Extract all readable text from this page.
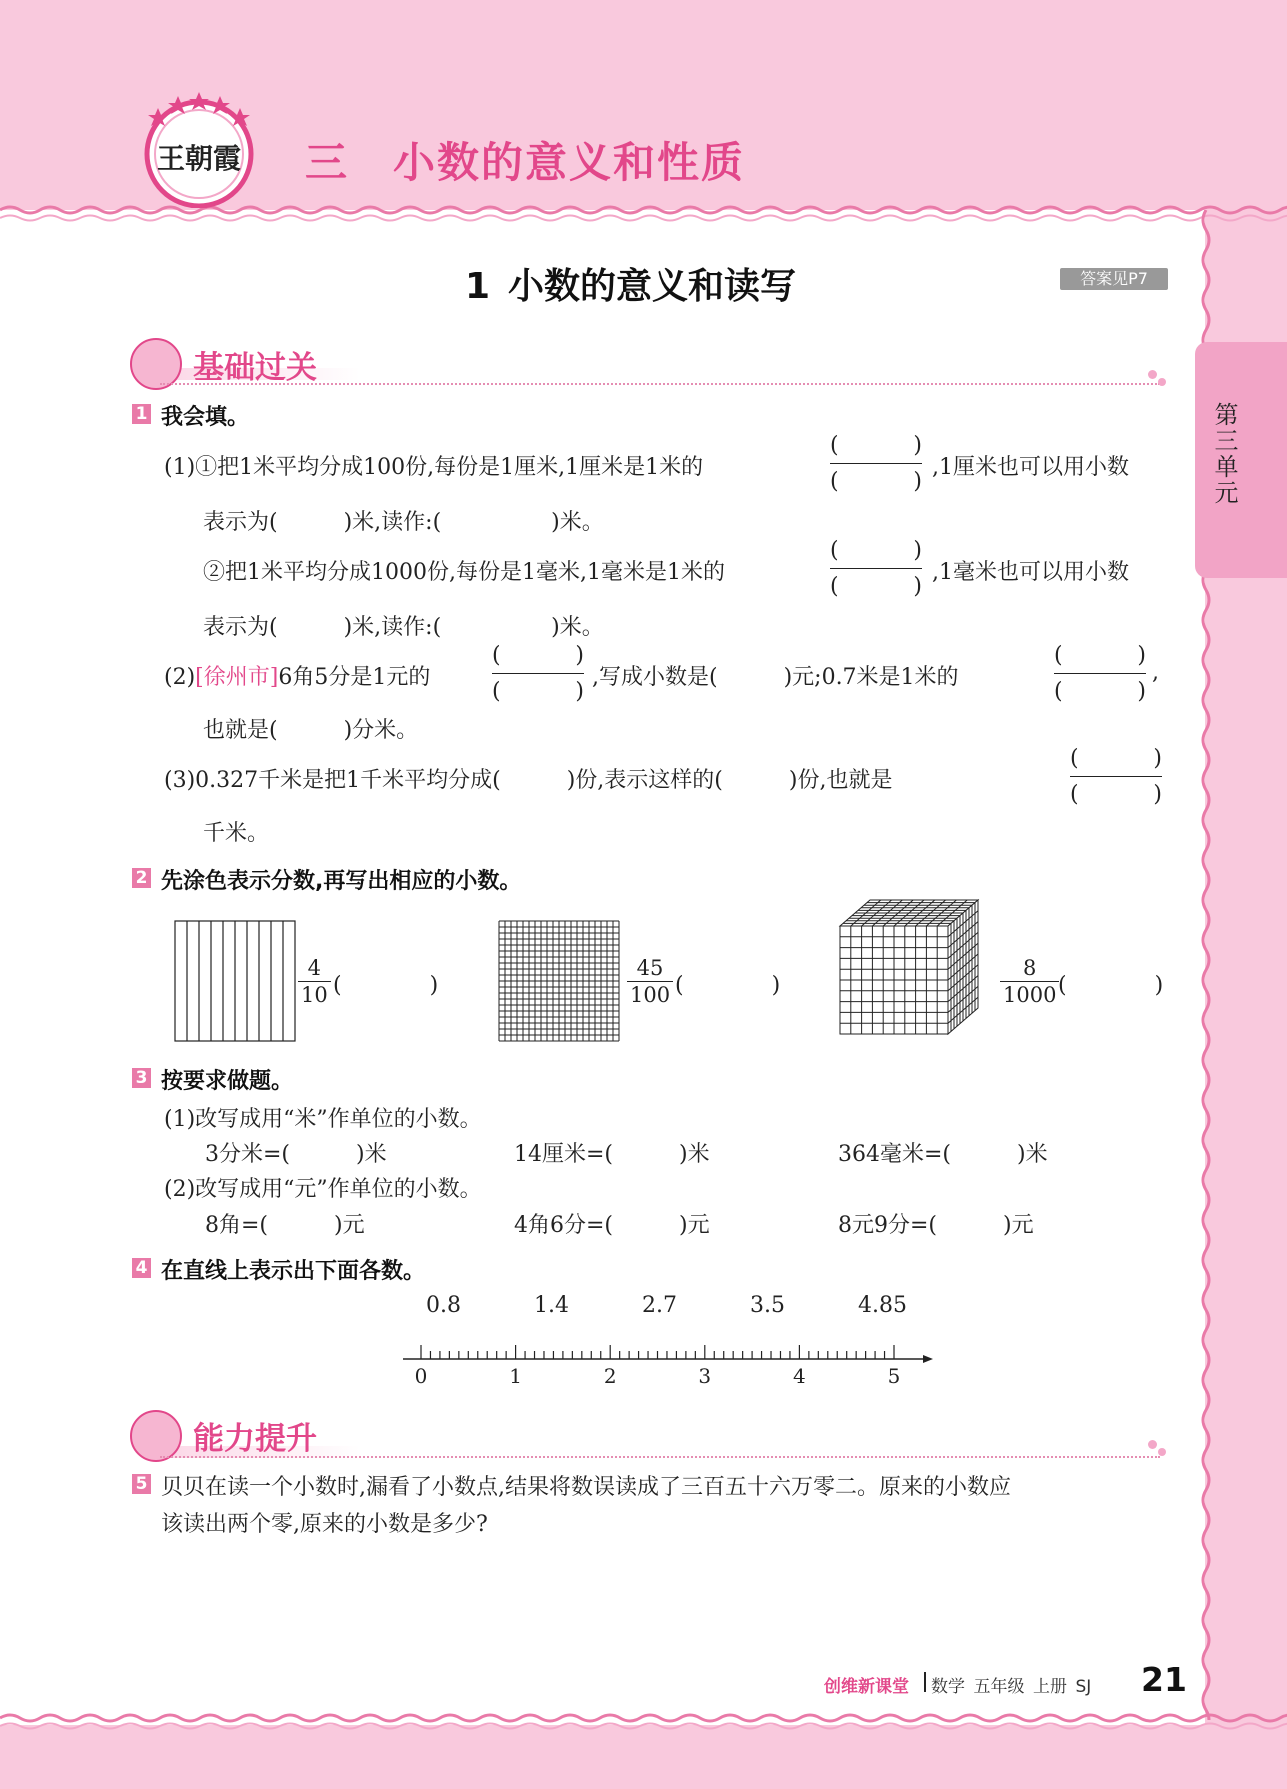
王朝霞 三　小数的意义和性质
1 小数的意义和读写	答案见P7
第三单元
基础过关
1 我会填。
(1)①把1米平均分成100份,每份是1厘米,1厘米是1米的
(	)
(	)
,1厘米也可以用小数
表示为(　　　)米,读作:(　　　　　)米。
②把1米平均分成1000份,每份是1毫米,1毫米是1米的
(	)
(	)
,1毫米也可以用小数
表示为(　　　)米,读作:(　　　　　)米。
(2)[徐州市]6角5分是1元的
(	)
(	)
,写成小数是(　　　)元;0.7米是1米的
(	)
(	)
,
也就是(　　　)分米。
(3)0.327千米是把1千米平均分成(　　　)份,表示这样的(　　　)份,也就是
(	)
(	)
千米。
2 先涂色表示分数,再写出相应的小数。
$\frac{4}{10}$ (　　　　)	$\frac{45}{100}$ (　　　　)	$\frac{8}{1000}$
(　　　　)
3 按要求做题。
(1)改写成用“米”作单位的小数。
3分米=(　　　)米	14厘米=(　　　)米	364毫米=(　　　)米
(2)改写成用“元”作单位的小数。
8角=(　　　)元	4角6分=(　　　)元	8元9分=(　　　)元
4 在直线上表示出下面各数。
0.8	1.4	2.7	3.5	4.85
0	1	2	3	4	5
能力提升
5 贝贝在读一个小数时,漏看了小数点,结果将数误读成了三百五十六万零二。原来的小数应
该读出两个零,原来的小数是多少?
创维新课堂 数学 五年级 上册 SJ 21
